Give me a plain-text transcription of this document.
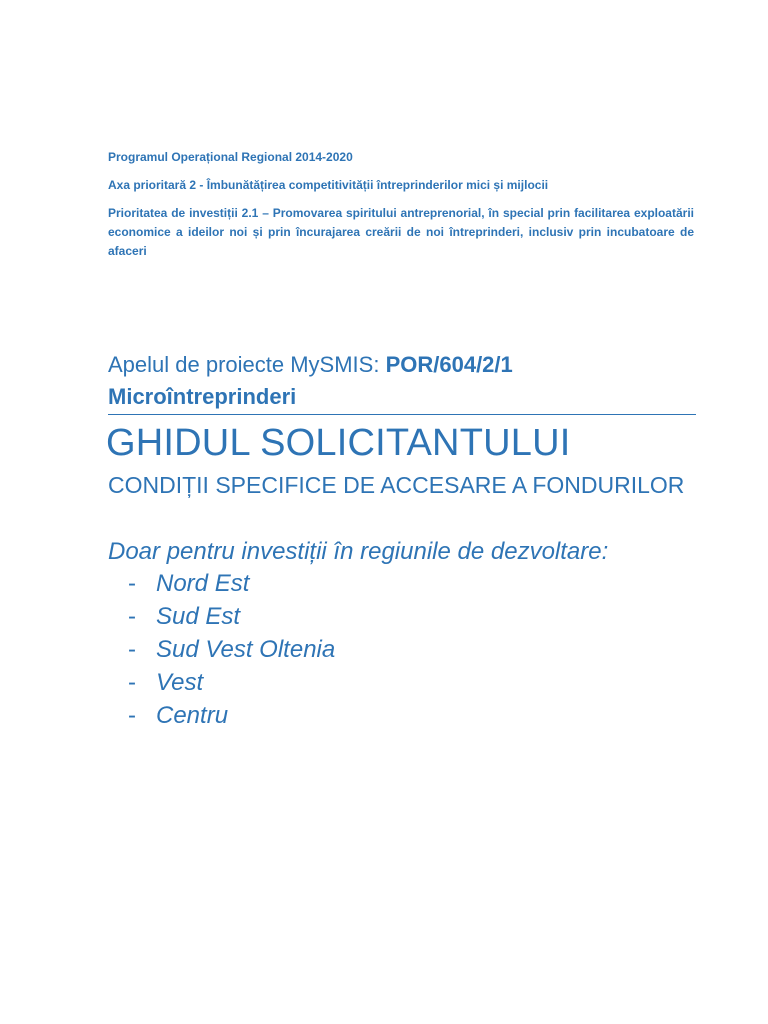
Programul Operațional Regional 2014-2020
Axa prioritară 2 - Îmbunătățirea competitivității întreprinderilor mici și mijlocii
Prioritatea de investiții 2.1 – Promovarea spiritului antreprenorial, în special prin facilitarea exploatării economice a ideilor noi și prin încurajarea creării de noi întreprinderi, inclusiv prin incubatoare de afaceri
Apelul de proiecte MySMIS: POR/604/2/1
Microîntreprinderi
GHIDUL SOLICITANTULUI
CONDIȚII SPECIFICE DE ACCESARE A FONDURILOR
Doar pentru investiții în regiunile de dezvoltare:
- Nord Est
- Sud Est
- Sud Vest Oltenia
- Vest
- Centru
